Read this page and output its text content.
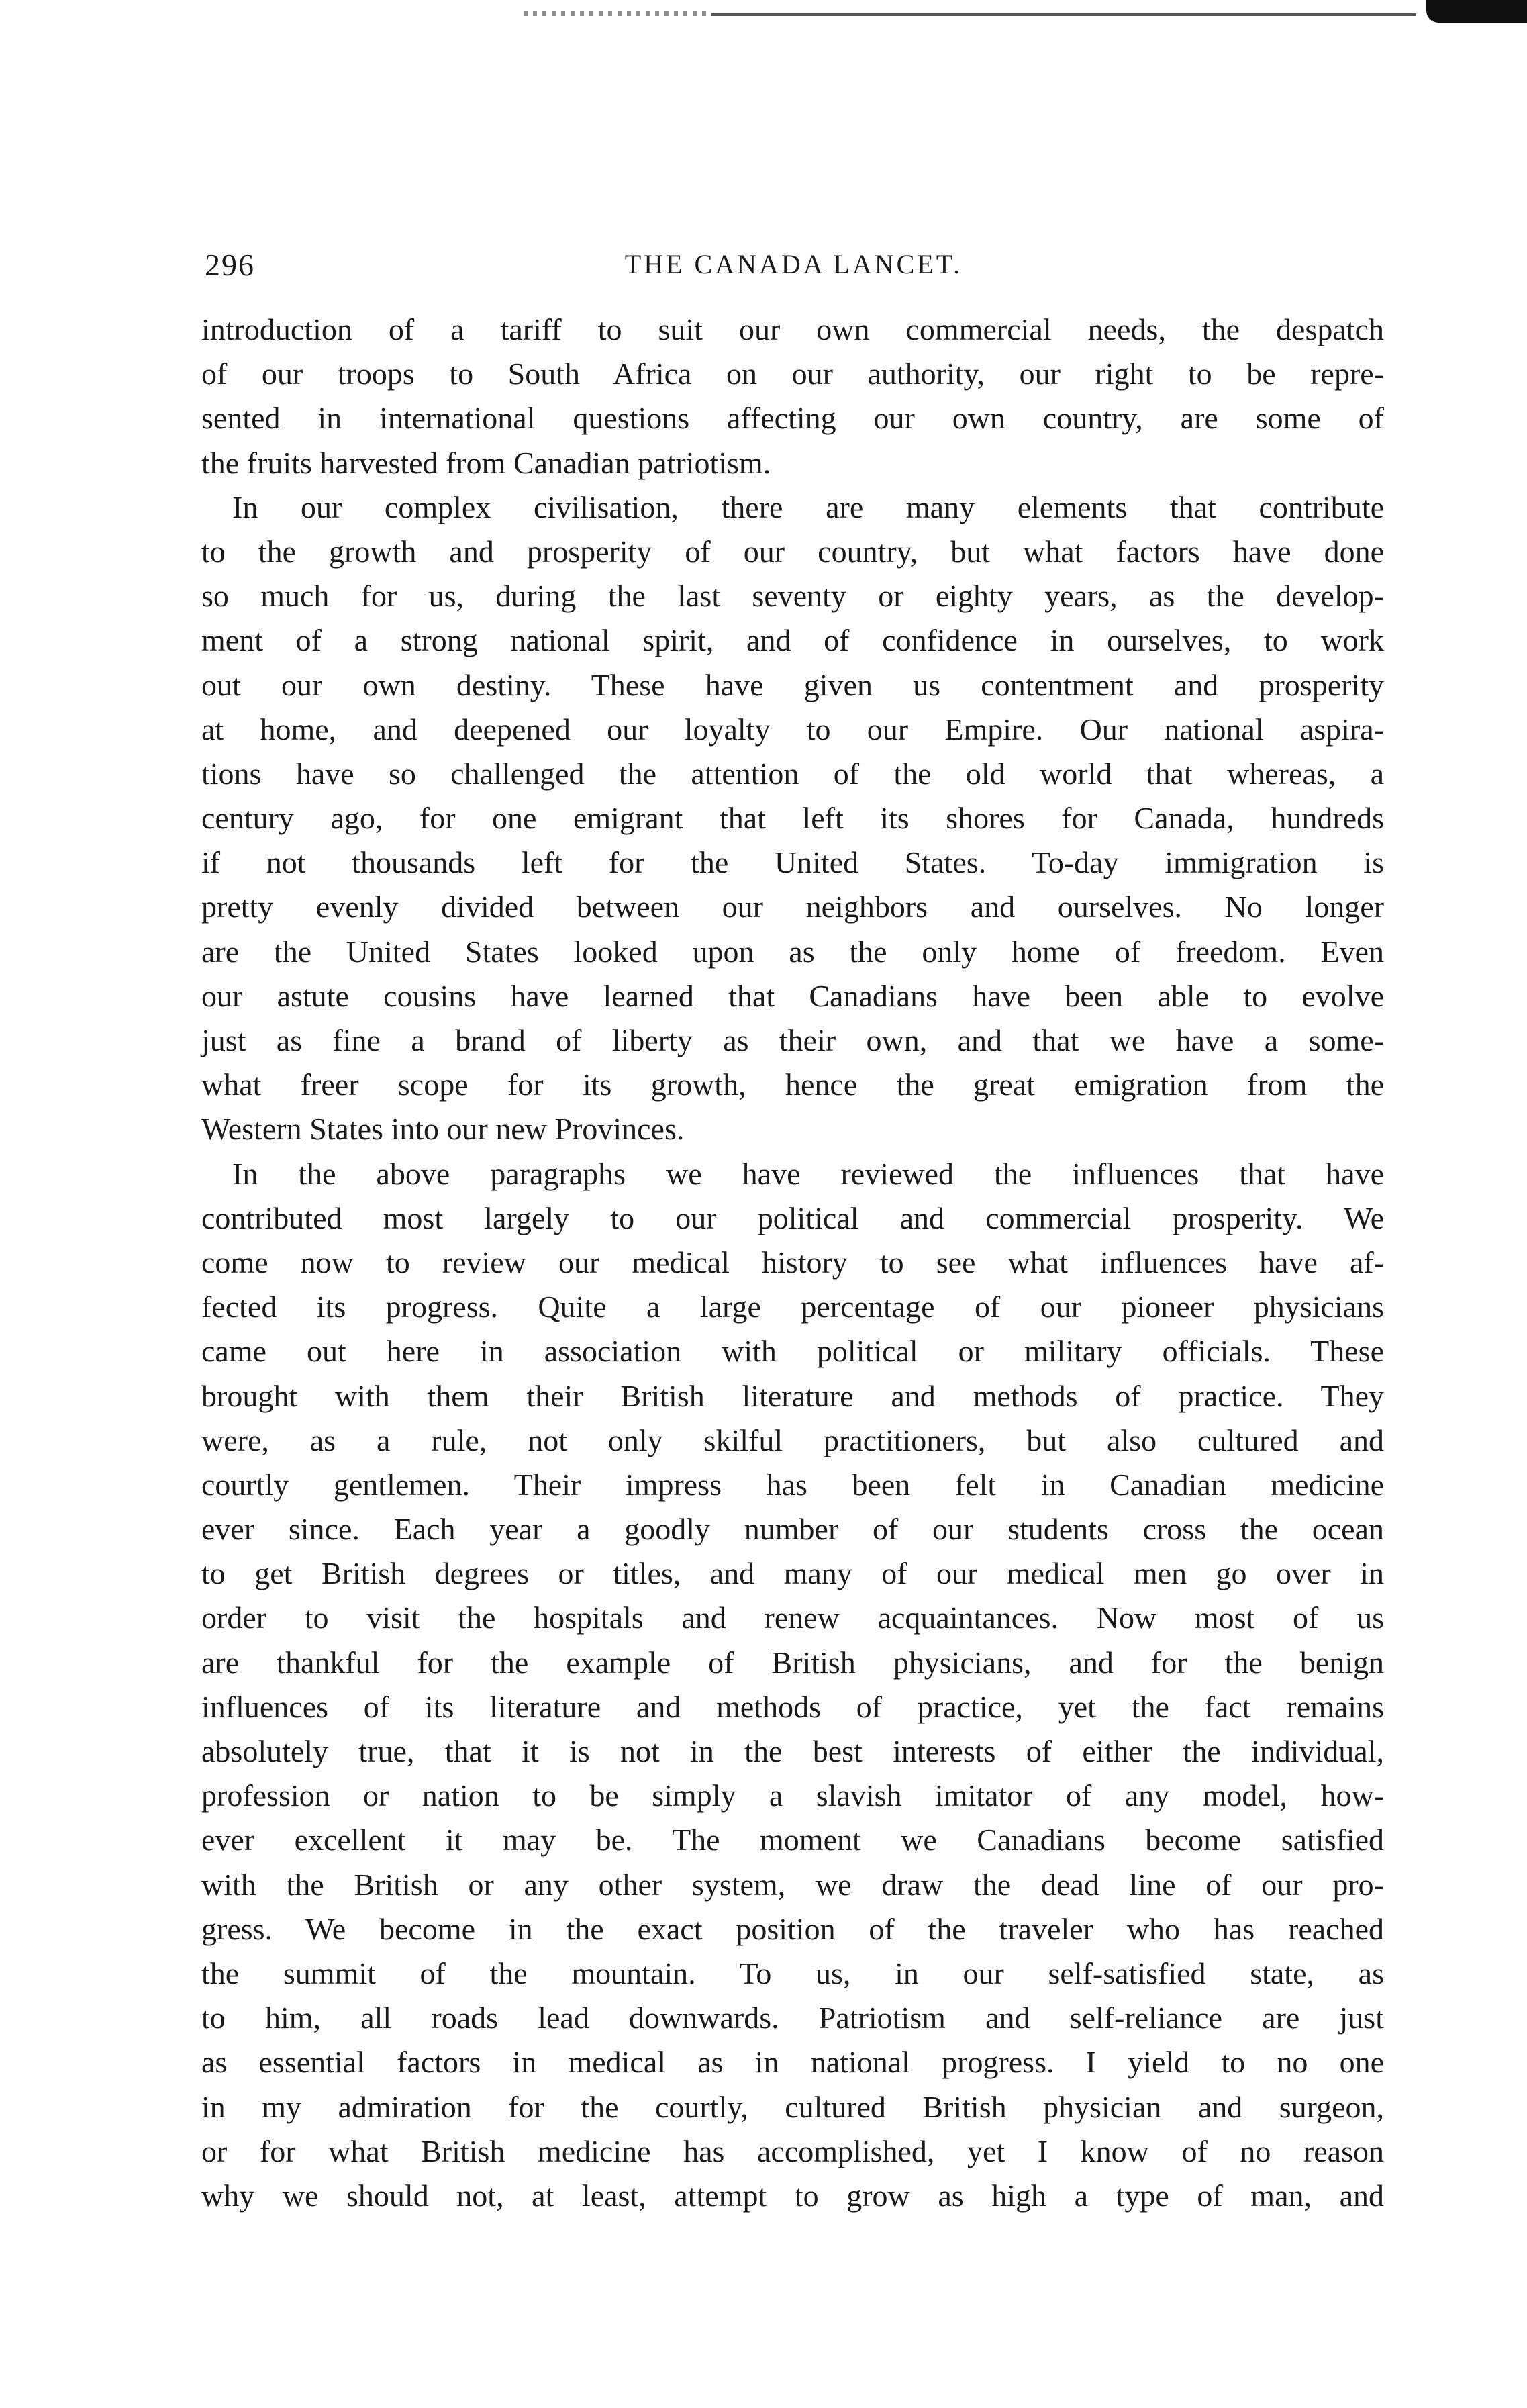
296	THE CANADA LANCET.
introduction of a tariff to suit our own commercial needs, the despatch
of our troops to South Africa on our authority, our right to be repre-
sented in international questions affecting our own country, are some of
the fruits harvested from Canadian patriotism.
In our complex civilisation, there are many elements that contribute
to the growth and prosperity of our country, but what factors have done
so much for us, during the last seventy or eighty years, as the develop-
ment of a strong national spirit, and of confidence in ourselves, to work
out our own destiny. These have given us contentment and prosperity
at home, and deepened our loyalty to our Empire. Our national aspira-
tions have so challenged the attention of the old world that whereas, a
century ago, for one emigrant that left its shores for Canada, hundreds
if not thousands left for the United States. To-day immigration is
pretty evenly divided between our neighbors and ourselves. No longer
are the United States looked upon as the only home of freedom. Even
our astute cousins have learned that Canadians have been able to evolve
just as fine a brand of liberty as their own, and that we have a some-
what freer scope for its growth, hence the great emigration from the
Western States into our new Provinces.
In the above paragraphs we have reviewed the influences that have
contributed most largely to our political and commercial prosperity. We
come now to review our medical history to see what influences have af-
fected its progress. Quite a large percentage of our pioneer physicians
came out here in association with political or military officials. These
brought with them their British literature and methods of practice. They
were, as a rule, not only skilful practitioners, but also cultured and
courtly gentlemen. Their impress has been felt in Canadian medicine
ever since. Each year a goodly number of our students cross the ocean
to get British degrees or titles, and many of our medical men go over in
order to visit the hospitals and renew acquaintances. Now most of us
are thankful for the example of British physicians, and for the benign
influences of its literature and methods of practice, yet the fact remains
absolutely true, that it is not in the best interests of either the individual,
profession or nation to be simply a slavish imitator of any model, how-
ever excellent it may be. The moment we Canadians become satisfied
with the British or any other system, we draw the dead line of our pro-
gress. We become in the exact position of the traveler who has reached
the summit of the mountain. To us, in our self-satisfied state, as
to him, all roads lead downwards. Patriotism and self-reliance are just
as essential factors in medical as in national progress. I yield to no one
in my admiration for the courtly, cultured British physician and surgeon,
or for what British medicine has accomplished, yet I know of no reason
why we should not, at least, attempt to grow as high a type of man, and
